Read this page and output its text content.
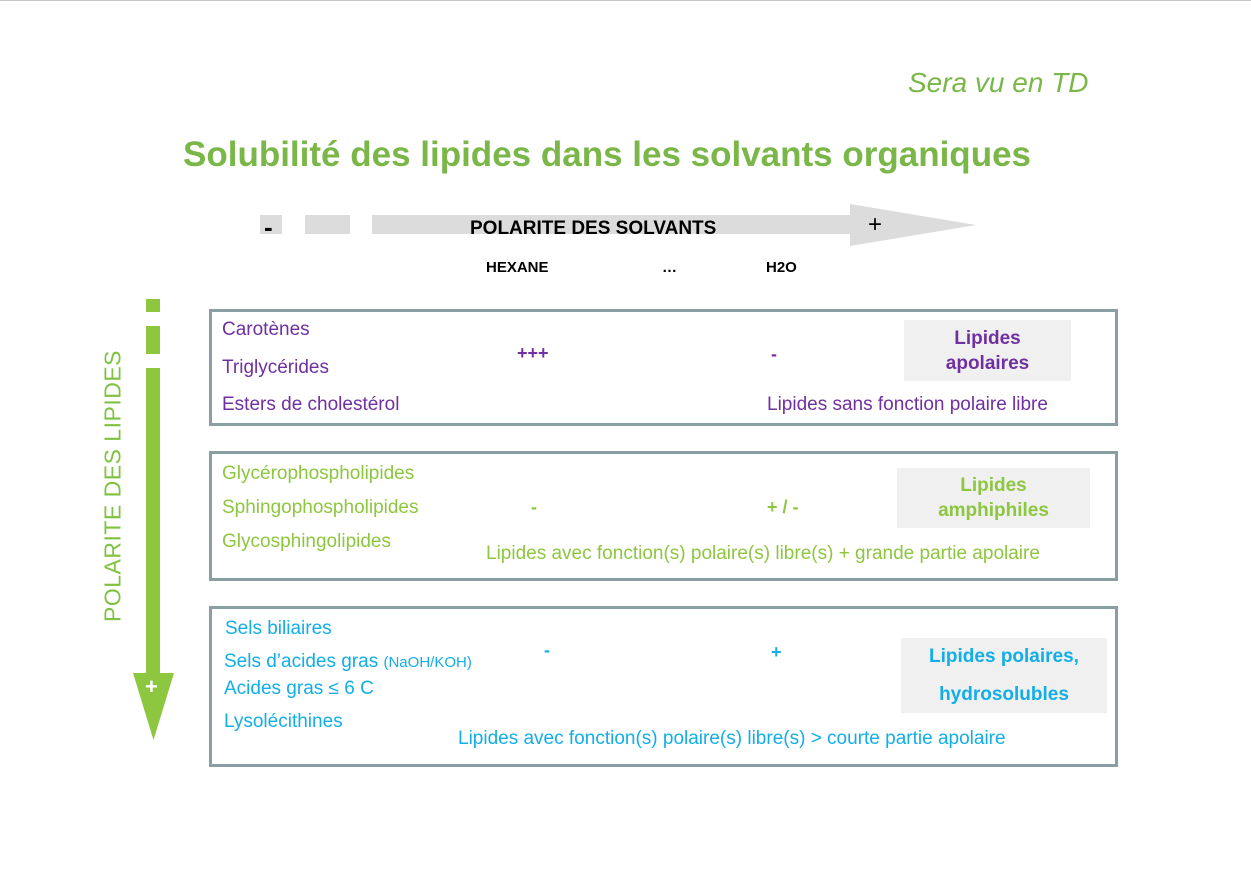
Sera vu en TD
Solubilité des lipides dans les solvants organiques
-	+
POLARITE DES SOLVANTS
HEXANE	…	H2O
+
POLARITE DES LIPIDES
Carotènes
Triglycérides
Esters de cholestérol
+++	-
Lipides
apolaires
Lipides sans fonction polaire libre
Glycérophospholipides
Sphingophospholipides
Glycosphingolipides
-	+ / -
Lipides
amphiphiles
Lipides avec fonction(s) polaire(s) libre(s) + grande partie apolaire
Sels biliaires
Sels d’acides gras (NaOH/KOH)
Acides gras ≤ 6 C
Lysolécithines
-	+	Lipides polaires,
hydrosolubles
Lipides avec fonction(s) polaire(s) libre(s) > courte partie apolaire
